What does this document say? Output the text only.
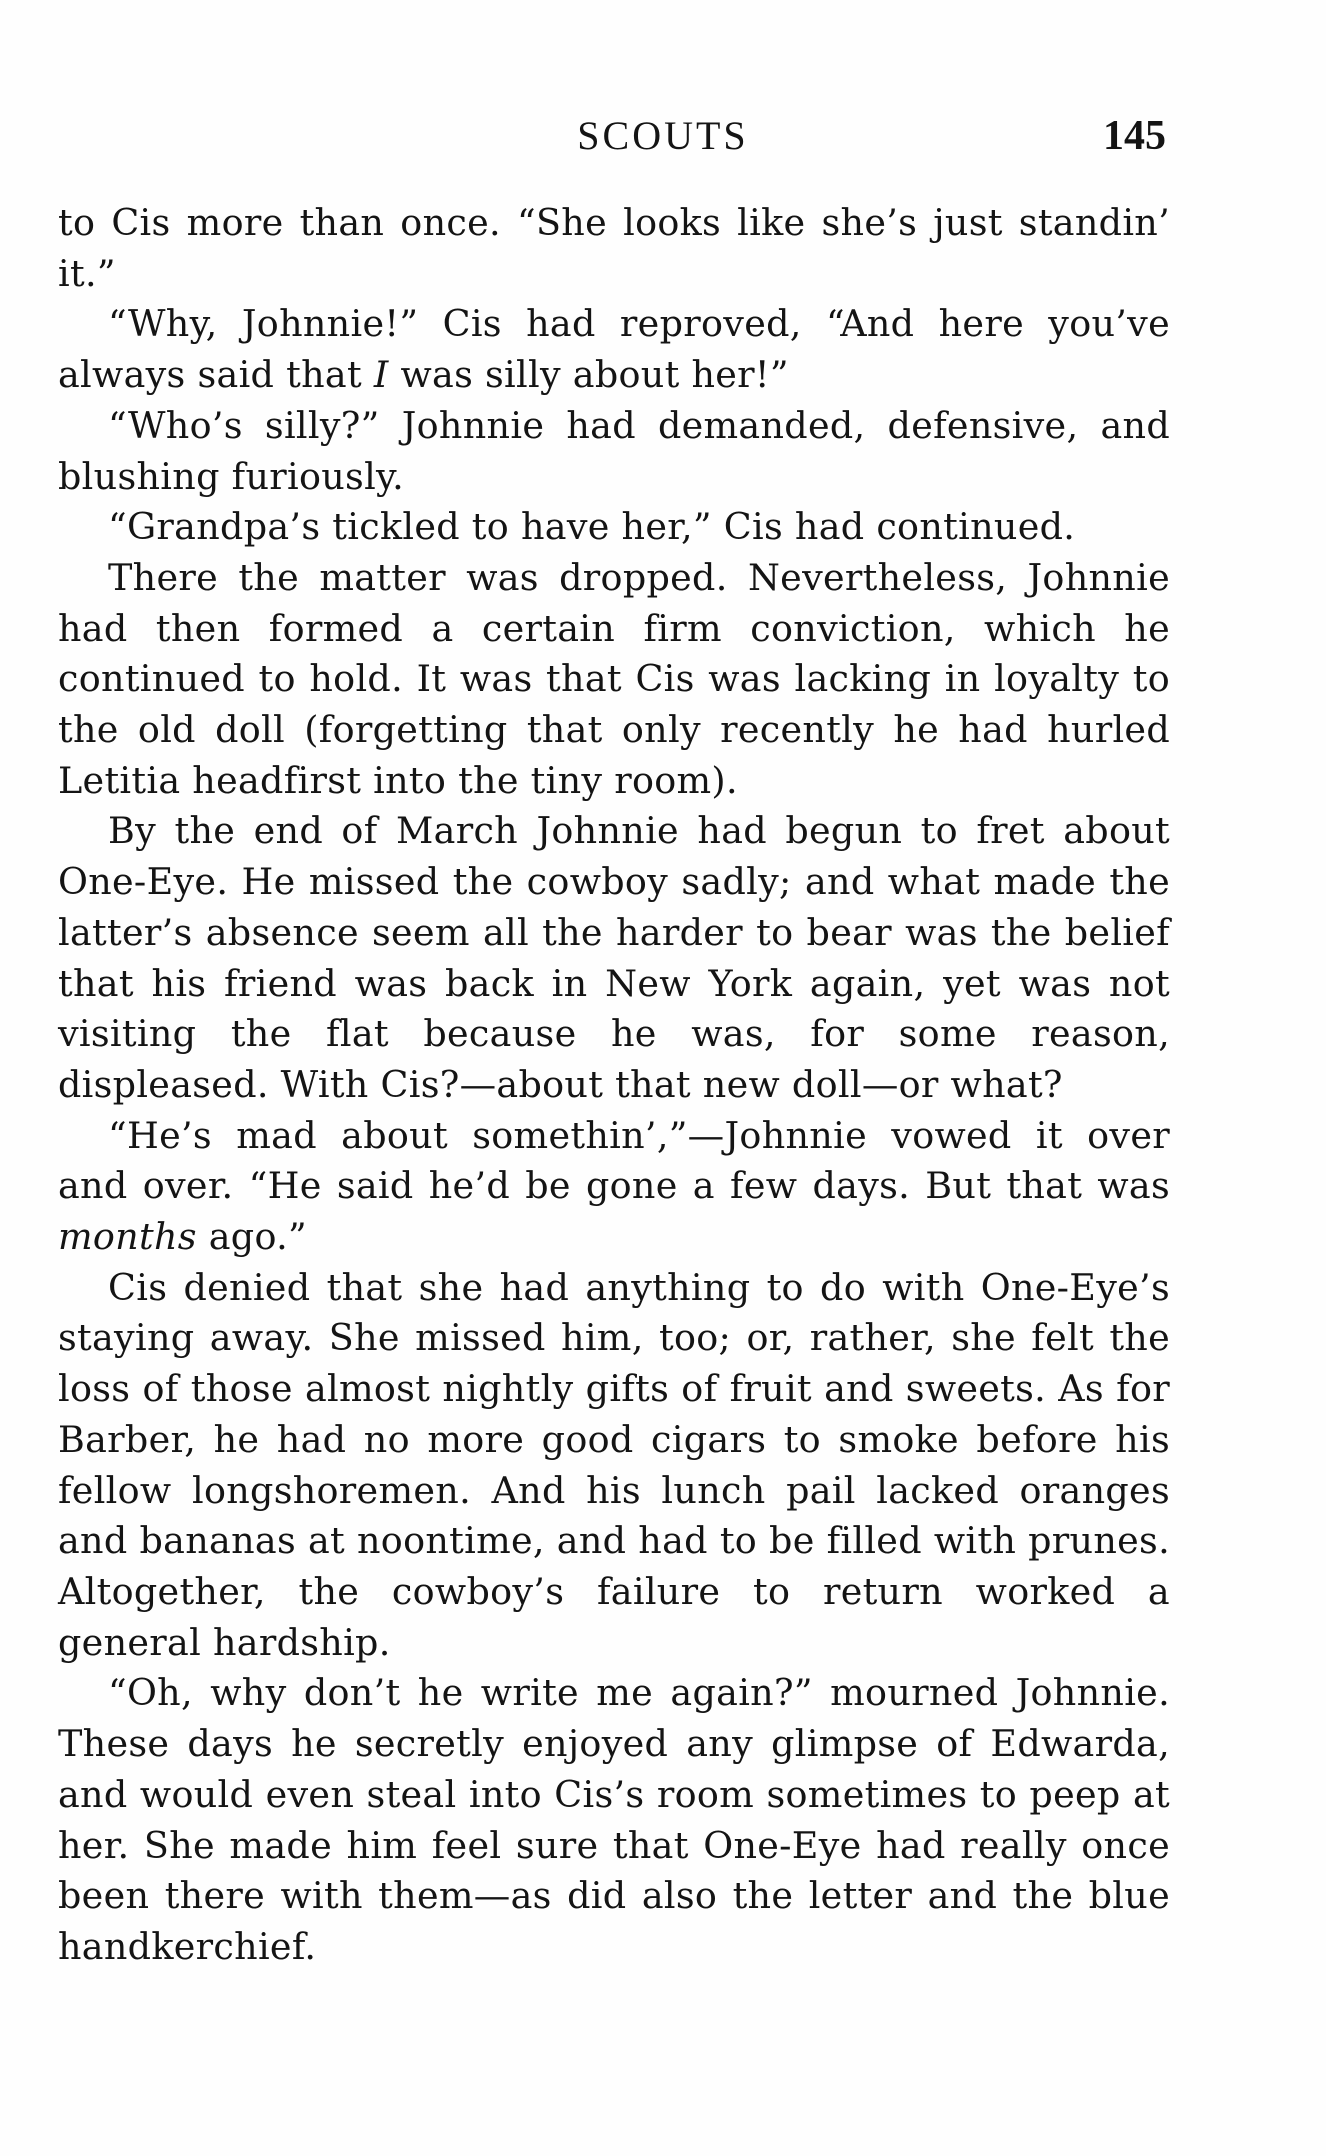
SCOUTS	145

to Cis more than once. “She looks like she’s just standin’ it.”

“Why, Johnnie!” Cis had reproved, “And here you’ve always said that I was silly about her!”

“Who’s silly?” Johnnie had demanded, defensive, and blushing furiously.

“Grandpa’s tickled to have her,” Cis had continued.

There the matter was dropped. Nevertheless, Johnnie had then formed a certain firm conviction, which he continued to hold. It was that Cis was lacking in loyalty to the old doll (forgetting that only recently he had hurled Letitia headfirst into the tiny room).

By the end of March Johnnie had begun to fret about One-Eye. He missed the cowboy sadly; and what made the latter’s absence seem all the harder to bear was the belief that his friend was back in New York again, yet was not visiting the flat because he was, for some reason, displeased. With Cis?—about that new doll—or what?

“He’s mad about somethin’,”—Johnnie vowed it over and over. “He said he’d be gone a few days. But that was months ago.”

Cis denied that she had anything to do with One-Eye’s staying away. She missed him, too; or, rather, she felt the loss of those almost nightly gifts of fruit and sweets. As for Barber, he had no more good cigars to smoke before his fellow longshoremen. And his lunch pail lacked oranges and bananas at noontime, and had to be filled with prunes. Altogether, the cowboy’s failure to return worked a general hardship.

“Oh, why don’t he write me again?” mourned Johnnie. These days he secretly enjoyed any glimpse of Edwarda, and would even steal into Cis’s room sometimes to peep at her. She made him feel sure that One-Eye had really once been there with them—as did also the letter and the blue handkerchief.
